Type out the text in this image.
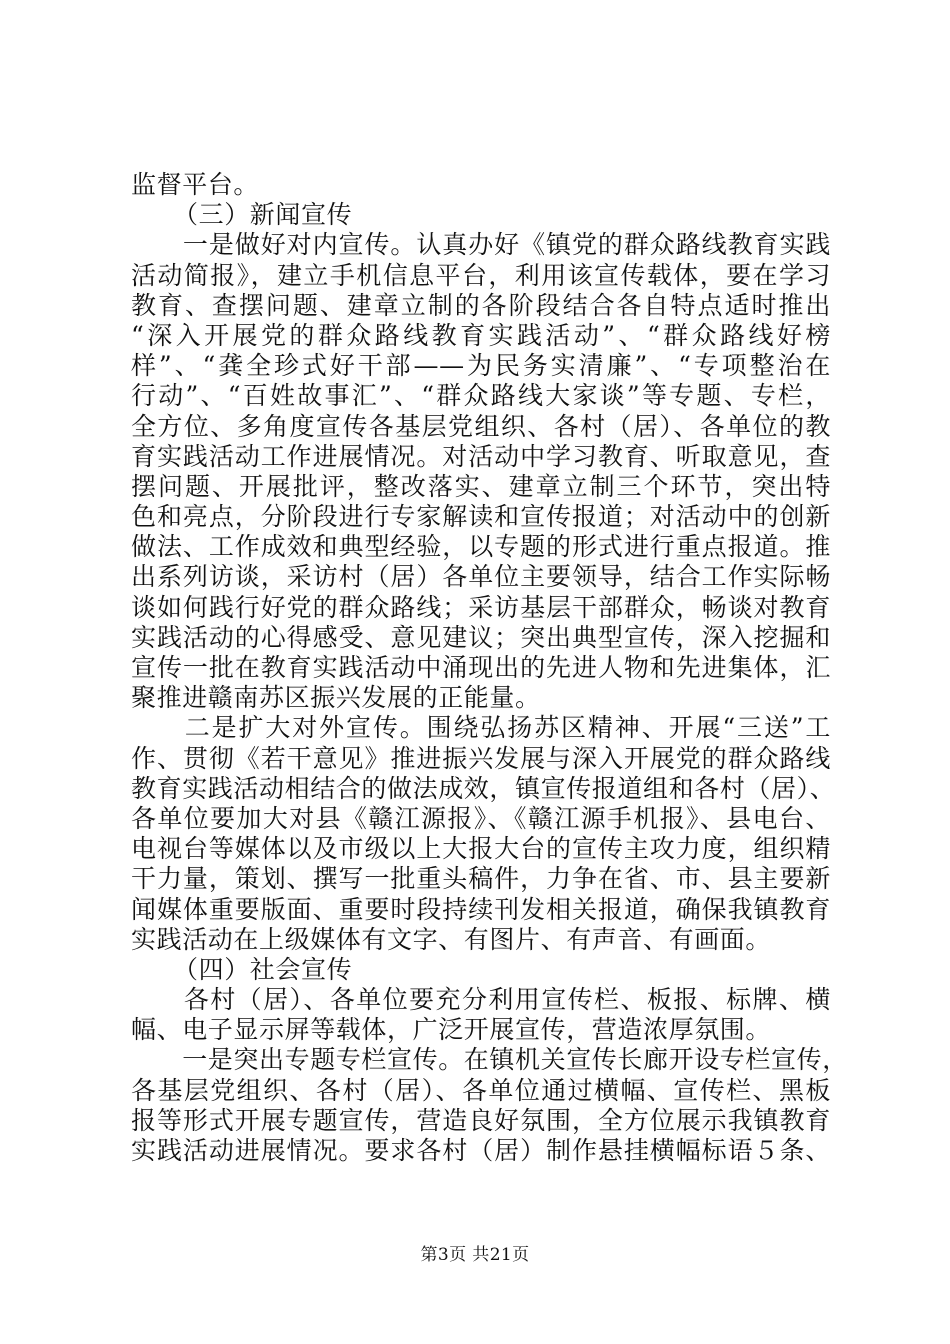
监督平台。
（三）新闻宣传
　　一是做好对内宣传。认真办好《镇党的群众路线教育实践
活动简报》，建立手机信息平台，利用该宣传载体，要在学习
教育、查摆问题、建章立制的各阶段结合各自特点适时推出
“深入开展党的群众路线教育实践活动”、“群众路线好榜
样”、“龚全珍式好干部——为民务实清廉”、“专项整治在
行动”、“百姓故事汇”、“群众路线大家谈”等专题、专栏，
全方位、多角度宣传各基层党组织、各村（居）、各单位的教
育实践活动工作进展情况。对活动中学习教育、听取意见，查
摆问题、开展批评，整改落实、建章立制三个环节，突出特
色和亮点，分阶段进行专家解读和宣传报道；对活动中的创新
做法、工作成效和典型经验，以专题的形式进行重点报道。推
出系列访谈，采访村（居）各单位主要领导，结合工作实际畅
谈如何践行好党的群众路线；采访基层干部群众，畅谈对教育
实践活动的心得感受、意见建议；突出典型宣传，深入挖掘和
宣传一批在教育实践活动中涌现出的先进人物和先进集体，汇
聚推进赣南苏区振兴发展的正能量。
　　二是扩大对外宣传。围绕弘扬苏区精神、开展“三送”工
作、贯彻《若干意见》推进振兴发展与深入开展党的群众路线
教育实践活动相结合的做法成效，镇宣传报道组和各村（居）、
各单位要加大对县《赣江源报》、《赣江源手机报》、县电台、
电视台等媒体以及市级以上大报大台的宣传主攻力度，组织精
干力量，策划、撰写一批重头稿件，力争在省、市、县主要新
闻媒体重要版面、重要时段持续刊发相关报道，确保我镇教育
实践活动在上级媒体有文字、有图片、有声音、有画面。
（四）社会宣传
　　各村（居）、各单位要充分利用宣传栏、板报、标牌、横
幅、电子显示屏等载体，广泛开展宣传，营造浓厚氛围。
　　一是突出专题专栏宣传。在镇机关宣传长廊开设专栏宣传，
各基层党组织、各村（居）、各单位通过横幅、宣传栏、黑板
报等形式开展专题宣传，营造良好氛围，全方位展示我镇教育
实践活动进展情况。要求各村（居）制作悬挂横幅标语５条、
第3页 共21页
